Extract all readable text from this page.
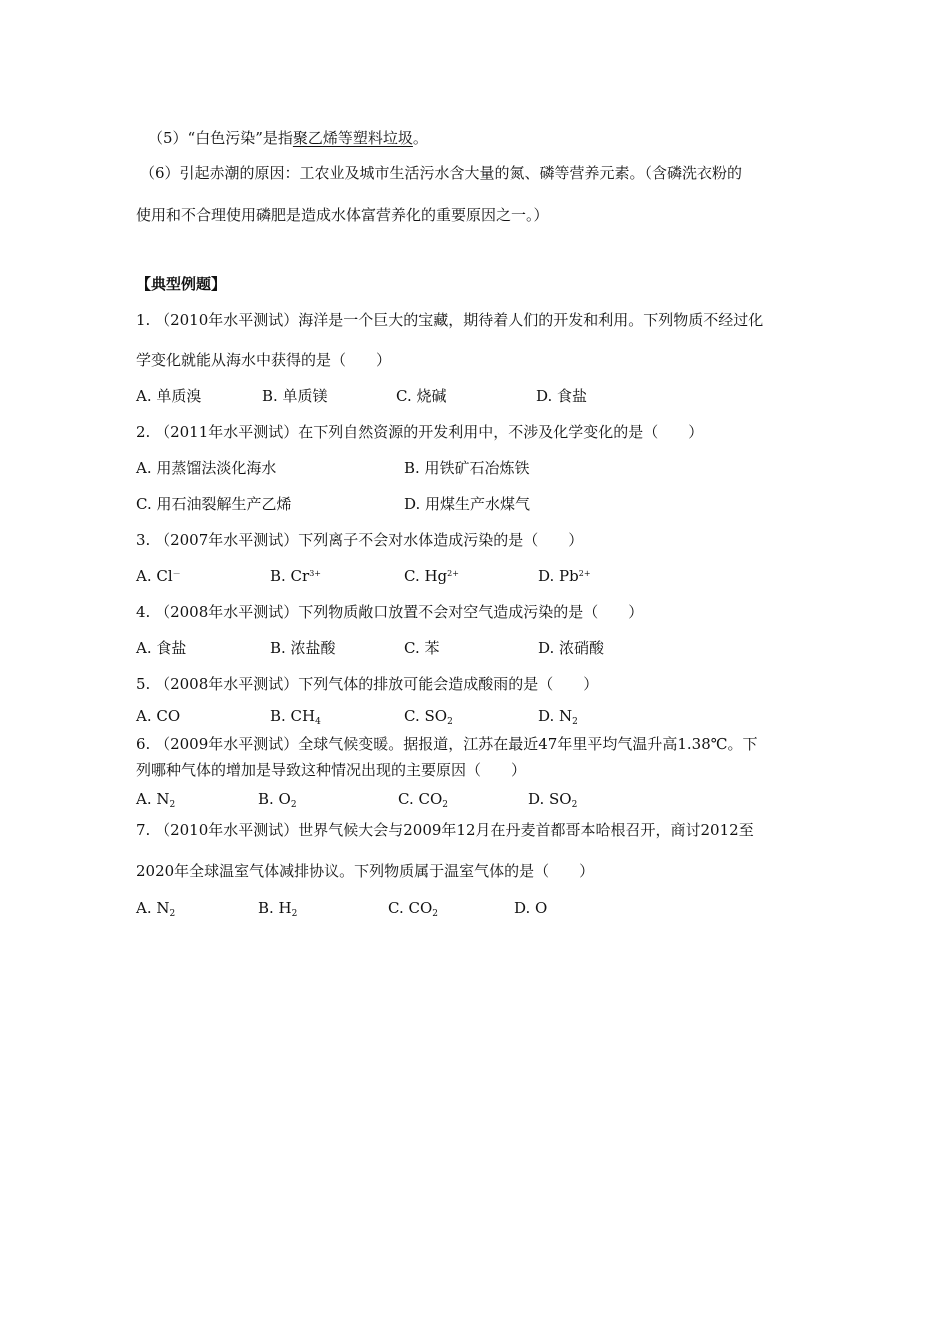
（5）“白色污染”是指聚乙烯等塑料垃圾。
（6）引起赤潮的原因：工农业及城市生活污水含大量的氮、磷等营养元素。（含磷洗衣粉的
使用和不合理使用磷肥是造成水体富营养化的重要原因之一。）
【典型例题】
1. （2010年水平测试）海洋是一个巨大的宝藏，期待着人们的开发和利用。下列物质不经过化
学变化就能从海水中获得的是（　　）
A. 单质溴	B. 单质镁	C. 烧碱	D. 食盐
2. （2011年水平测试）在下列自然资源的开发利用中，不涉及化学变化的是（　　）
A. 用蒸馏法淡化海水	B. 用铁矿石冶炼铁
C. 用石油裂解生产乙烯	D. 用煤生产水煤气
3. （2007年水平测试）下列离子不会对水体造成污染的是（　　）
A. Cl－	B. $Cr^{3+}$	C. $Hg^{2+}$	D. $Pb^{2+}$
4. （2008年水平测试）下列物质敞口放置不会对空气造成污染的是（　　）
A. 食盐	B. 浓盐酸	C. 苯	D. 浓硝酸
5. （2008年水平测试）下列气体的排放可能会造成酸雨的是（　　）
A. CO	B. $CH_4$	C. $SO_2$	D. $N_2$
6. （2009年水平测试）全球气候变暖。据报道，江苏在最近47年里平均气温升高1.38℃。下
列哪种气体的增加是导致这种情况出现的主要原因（　　）
A. $N_2$	B. $O_2$	C. $CO_2$	D. $SO_2$
7. （2010年水平测试）世界气候大会与2009年12月在丹麦首都哥本哈根召开，商讨2012至
2020年全球温室气体减排协议。下列物质属于温室气体的是（　　）
A. $N_2$	B. $H_2$	C. $CO_2$	D. O
